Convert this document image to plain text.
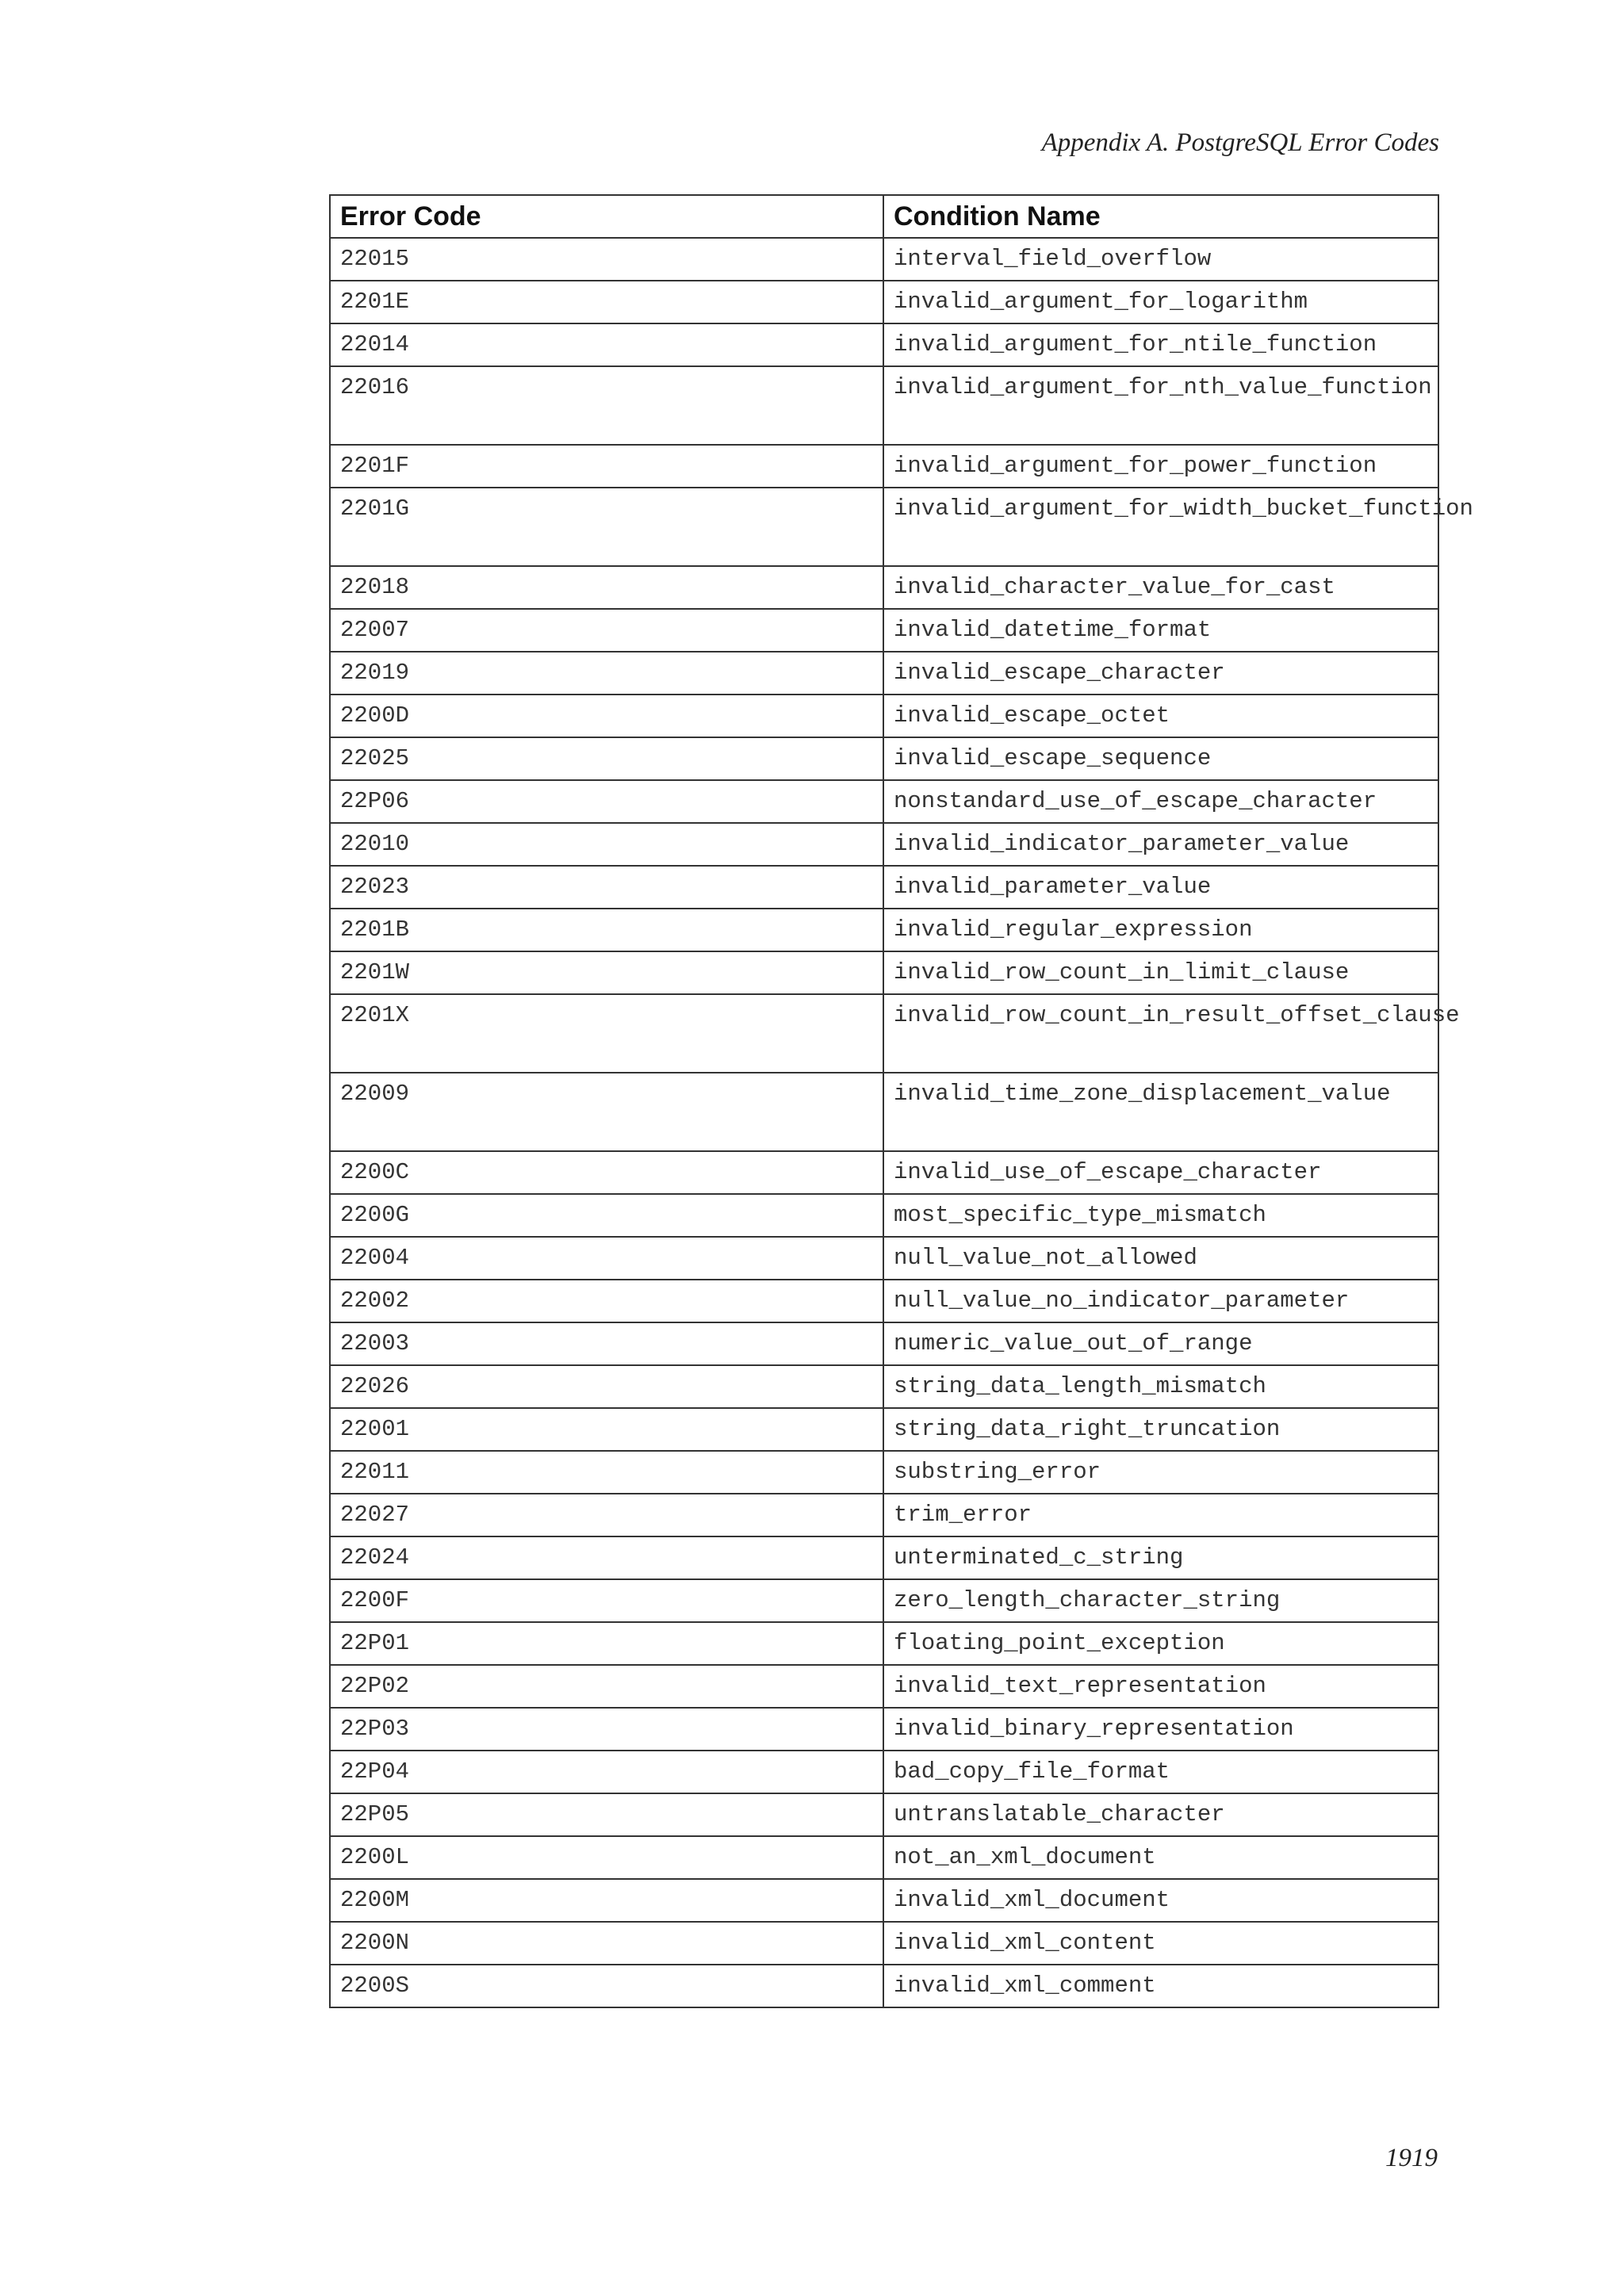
Appendix A. PostgreSQL Error Codes
Error Code	Condition Name
22015	interval_field_overflow
2201E	invalid_argument_for_logarithm
22014	invalid_argument_for_ntile_function
22016	invalid_argument_for_nth_value_function
2201F	invalid_argument_for_power_function
2201G	invalid_argument_for_width_bucket_function
22018	invalid_character_value_for_cast
22007	invalid_datetime_format
22019	invalid_escape_character
2200D	invalid_escape_octet
22025	invalid_escape_sequence
22P06	nonstandard_use_of_escape_character
22010	invalid_indicator_parameter_value
22023	invalid_parameter_value
2201B	invalid_regular_expression
2201W	invalid_row_count_in_limit_clause
2201X	invalid_row_count_in_result_offset_clause
22009	invalid_time_zone_displacement_value
2200C	invalid_use_of_escape_character
2200G	most_specific_type_mismatch
22004	null_value_not_allowed
22002	null_value_no_indicator_parameter
22003	numeric_value_out_of_range
22026	string_data_length_mismatch
22001	string_data_right_truncation
22011	substring_error
22027	trim_error
22024	unterminated_c_string
2200F	zero_length_character_string
22P01	floating_point_exception
22P02	invalid_text_representation
22P03	invalid_binary_representation
22P04	bad_copy_file_format
22P05	untranslatable_character
2200L	not_an_xml_document
2200M	invalid_xml_document
2200N	invalid_xml_content
2200S	invalid_xml_comment
1919
